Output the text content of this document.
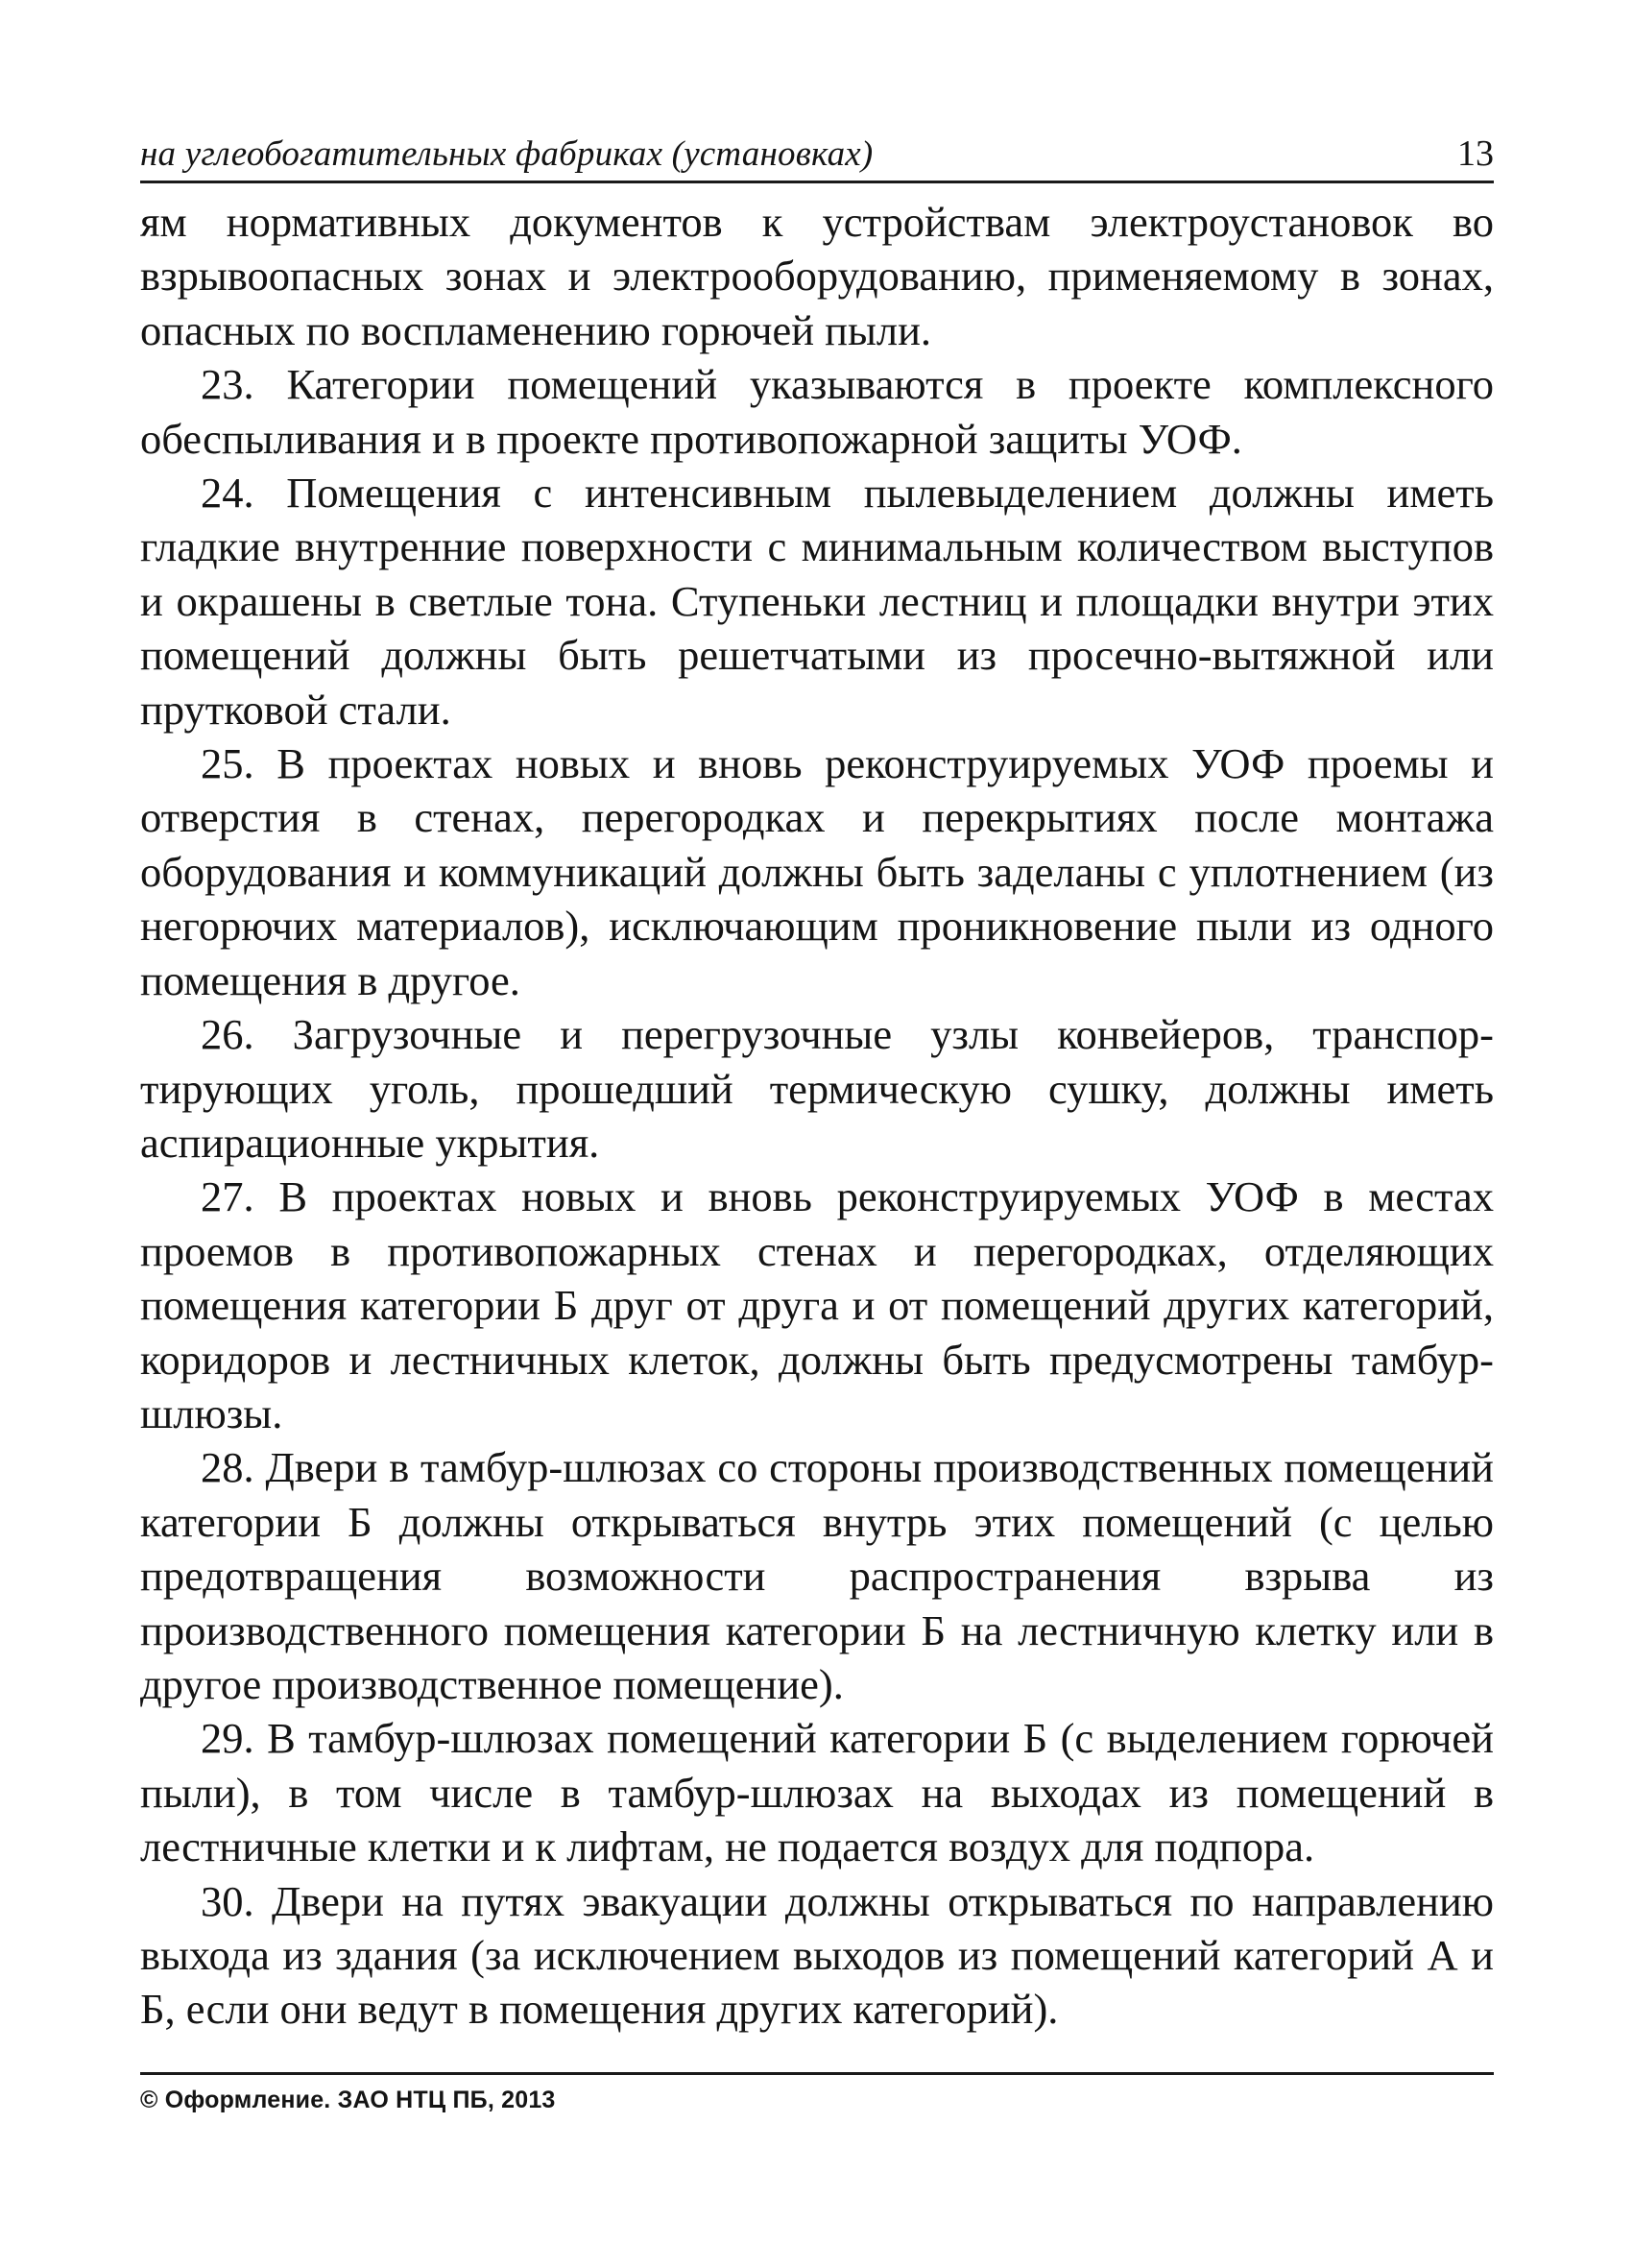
на углеобогатительных фабриках (установках)	13

ям нормативных документов к устройствам электроустановок во взрывоопасных зонах и электрооборудованию, применяемому в зонах, опасных по воспламенению горючей пыли.

23. Категории помещений указываются в проекте комплексного обеспыливания и в проекте противопожарной защиты УОФ.

24. Помещения с интенсивным пылевыделением должны иметь гладкие внутренние поверхности с минимальным количеством выступов и окрашены в светлые тона. Ступеньки лестниц и площадки внутри этих помещений должны быть решетчатыми из просечно-вытяжной или прутковой стали.

25. В проектах новых и вновь реконструируемых УОФ проемы и отверстия в стенах, перегородках и перекрытиях после монтажа оборудования и коммуникаций должны быть заделаны с уплотнением (из негорючих материалов), исключающим проникновение пыли из одного помещения в другое.

26. Загрузочные и перегрузочные узлы конвейеров, транспортирующих уголь, прошедший термическую сушку, должны иметь аспирационные укрытия.

27. В проектах новых и вновь реконструируемых УОФ в местах проемов в противопожарных стенах и перегородках, отделяющих помещения категории Б друг от друга и от помещений других категорий, коридоров и лестничных клеток, должны быть предусмотрены тамбур-шлюзы.

28. Двери в тамбур-шлюзах со стороны производственных помещений категории Б должны открываться внутрь этих помещений (с целью предотвращения возможности распространения взрыва из производственного помещения категории Б на лестничную клетку или в другое производственное помещение).

29. В тамбур-шлюзах помещений категории Б (с выделением горючей пыли), в том числе в тамбур-шлюзах на выходах из помещений в лестничные клетки и к лифтам, не подается воздух для подпора.

30. Двери на путях эвакуации должны открываться по направлению выхода из здания (за исключением выходов из помещений категорий А и Б, если они ведут в помещения других категорий).

© Оформление. ЗАО НТЦ ПБ, 2013
